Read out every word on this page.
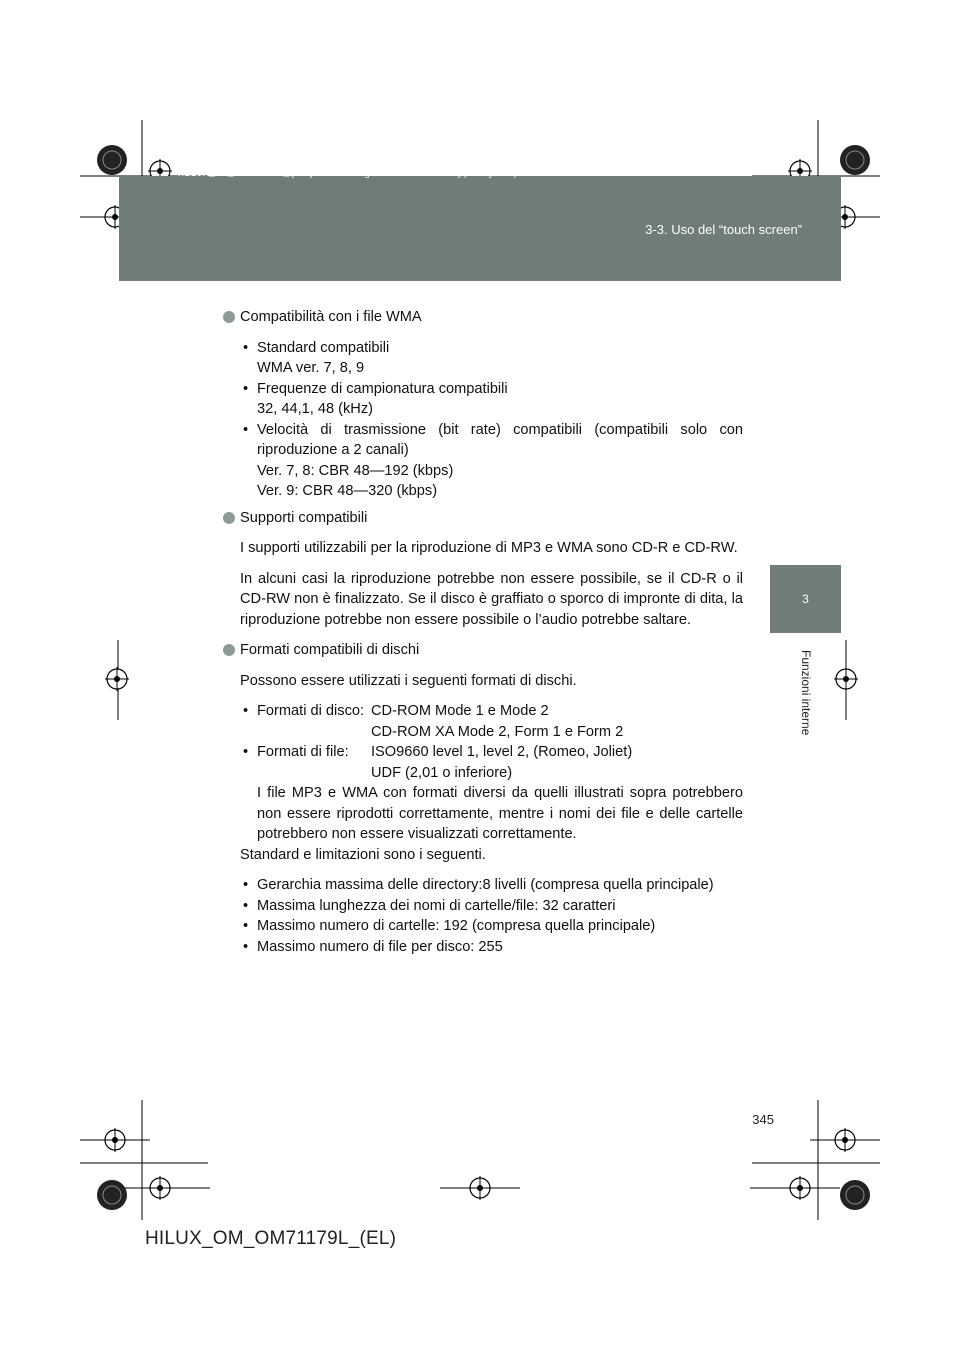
HILUX_OM_OM71179L_(EL).book Page 345 Wednesday, May 16, 2012 11:37 AM
3-3. Uso del “touch screen”
3
Funzioni interne
Compatibilità con i file WMA
• Standard compatibili
WMA ver. 7, 8, 9
• Frequenze di campionatura compatibili
32, 44,1, 48 (kHz)
• Velocità di trasmissione (bit rate) compatibili (compatibili solo con riproduzione a 2 canali)
Ver. 7, 8: CBR 48—192 (kbps)
Ver. 9: CBR 48—320 (kbps)
Supporti compatibili

I supporti utilizzabili per la riproduzione di MP3 e WMA sono CD-R e CD-RW.

In alcuni casi la riproduzione potrebbe non essere possibile, se il CD-R o il CD-RW non è finalizzato. Se il disco è graffiato o sporco di impronte di dita, la riproduzione potrebbe non essere possibile o l’audio potrebbe saltare.

Formati compatibili di dischi

Possono essere utilizzati i seguenti formati di dischi.

• Formati di disco: CD-ROM Mode 1 e Mode 2
CD-ROM XA Mode 2, Form 1 e Form 2
• Formati di file:	ISO9660 level 1, level 2, (Romeo, Joliet)
UDF (2,01 o inferiore)

I file MP3 e WMA con formati diversi da quelli illustrati sopra potrebbero non essere riprodotti correttamente, mentre i nomi dei file e delle cartelle potrebbero non essere visualizzati correttamente.

Standard e limitazioni sono i seguenti.

• Gerarchia massima delle directory:8 livelli (compresa quella principale)
• Massima lunghezza dei nomi di cartelle/file: 32 caratteri
• Massimo numero di cartelle: 192 (compresa quella principale)
• Massimo numero di file per disco: 255
345
HILUX_OM_OM71179L_(EL)
